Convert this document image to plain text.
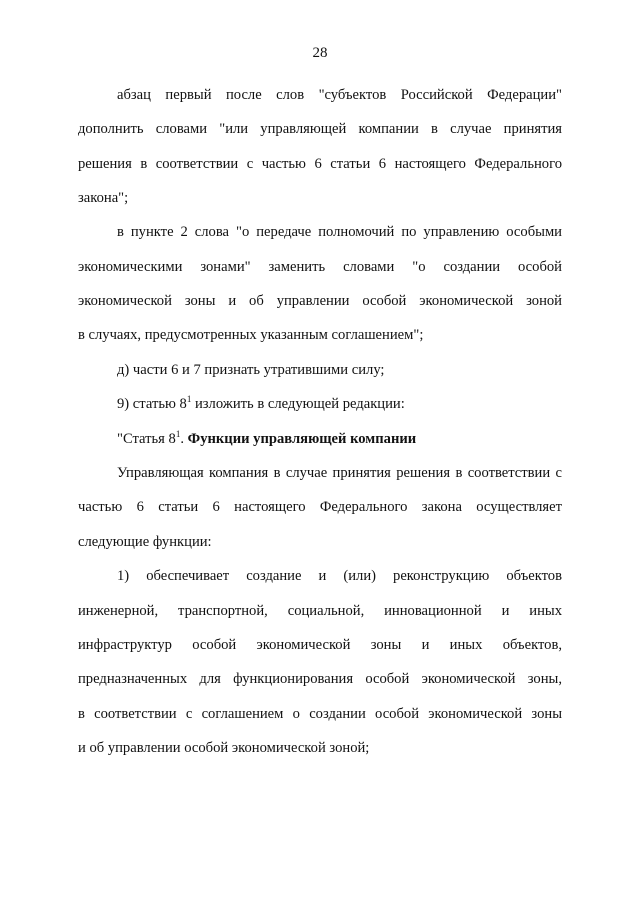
28
абзац первый после слов "субъектов Российской Федерации"
дополнить словами "или управляющей компании в случае принятия
решения в соответствии с частью 6 статьи 6 настоящего Федерального
закона";
в пункте 2 слова "о передаче полномочий по управлению особыми
экономическими зонами" заменить словами "о создании особой
экономической зоны и об управлении особой экономической зоной
в случаях, предусмотренных указанным соглашением";
д) части 6 и 7 признать утратившими силу;
9) статью $8^1$ изложить в следующей редакции:
"Статья $8^1$. Функции управляющей компании
Управляющая компания в случае принятия решения в соответствии с
частью 6 статьи 6 настоящего Федерального закона осуществляет
следующие функции:
1) обеспечивает создание и (или) реконструкцию объектов
инженерной, транспортной, социальной, инновационной и иных
инфраструктур особой экономической зоны и иных объектов,
предназначенных для функционирования особой экономической зоны,
в соответствии с соглашением о создании особой экономической зоны
и об управлении особой экономической зоной;
